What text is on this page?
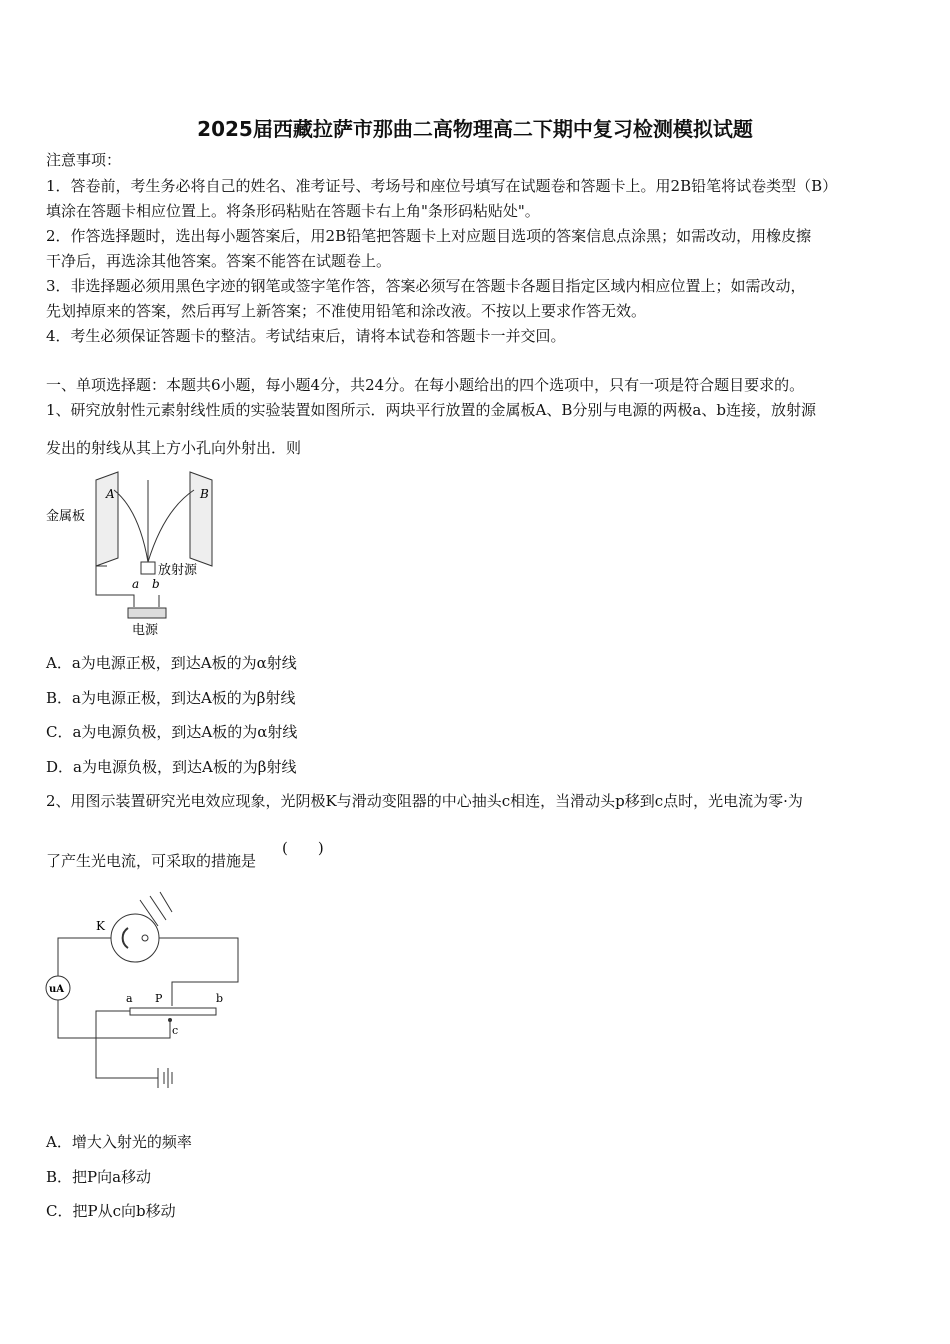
2025届西藏拉萨市那曲二高物理高二下期中复习检测模拟试题
注意事项：
1．答卷前，考生务必将自己的姓名、准考证号、考场号和座位号填写在试题卷和答题卡上。用2B铅笔将试卷类型（B）
填涂在答题卡相应位置上。将条形码粘贴在答题卡右上角"条形码粘贴处"。
2．作答选择题时，选出每小题答案后，用2B铅笔把答题卡上对应题目选项的答案信息点涂黑；如需改动，用橡皮擦
干净后，再选涂其他答案。答案不能答在试题卷上。
3．非选择题必须用黑色字迹的钢笔或签字笔作答，答案必须写在答题卡各题目指定区域内相应位置上；如需改动，
先划掉原来的答案，然后再写上新答案；不准使用铅笔和涂改液。不按以上要求作答无效。
4．考生必须保证答题卡的整洁。考试结束后，请将本试卷和答题卡一并交回。
一、单项选择题：本题共6小题，每小题4分，共24分。在每小题给出的四个选项中，只有一项是符合题目要求的。
1、研究放射性元素射线性质的实验装置如图所示．两块平行放置的金属板A、B分别与电源的两极a、b连接，放射源
发出的射线从其上方小孔向外射出．则
A	B
金属板
放射源
a b
电源
A．a为电源正极，到达A板的为α射线
B．a为电源正极，到达A板的为β射线
C．a为电源负极，到达A板的为α射线
D．a为电源负极，到达A板的为β射线
2、用图示装置研究光电效应现象，光阴极K与滑动变阻器的中心抽头c相连，当滑动头p移到c点时，光电流为零·为
了产生光电流，可采取的措施是
(　　)
K
uA
a P	b
c
A．增大入射光的频率
B．把P向a移动
C．把P从c向b移动
